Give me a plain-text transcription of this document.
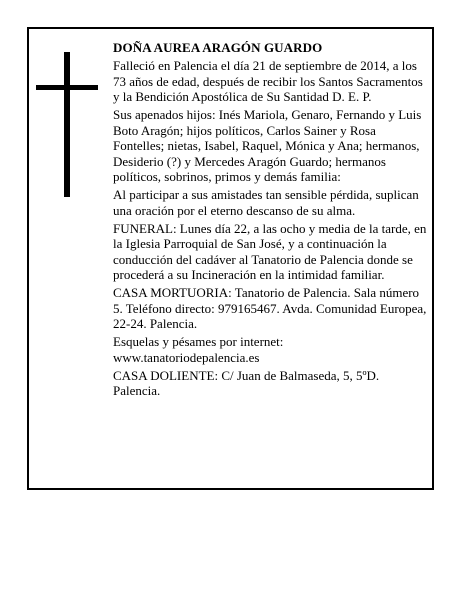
DOÑA AUREA ARAGÓN GUARDO

Falleció en Palencia el día 21 de septiembre de 2014, a los 73 años de edad, después de recibir los Santos Sacramentos y la Bendición Apostólica de Su Santidad D. E. P.

Sus apenados hijos: Inés Mariola, Genaro, Fernando y Luis Boto Aragón; hijos políticos, Carlos Sainer y Rosa Fontelles; nietas, Isabel, Raquel, Mónica y Ana; hermanos, Desiderio (?) y Mercedes Aragón Guardo; hermanos políticos, sobrinos, primos y demás familia:

Al participar a sus amistades tan sensible pérdida, suplican una oración por el eterno descanso de su alma.

FUNERAL: Lunes día 22, a las ocho y media de la tarde, en la Iglesia Parroquial de San José, y a continuación la conducción del cadáver al Tanatorio de Palencia donde se procederá a su Incineración en la intimidad familiar.

CASA MORTUORIA: Tanatorio de Palencia. Sala número 5. Teléfono directo: 979165467. Avda. Comunidad Europea, 22-24. Palencia.

Esquelas y pésames por internet: www.tanatoriodepalencia.es

CASA DOLIENTE: C/ Juan de Balmaseda, 5, 5ºD. Palencia.
